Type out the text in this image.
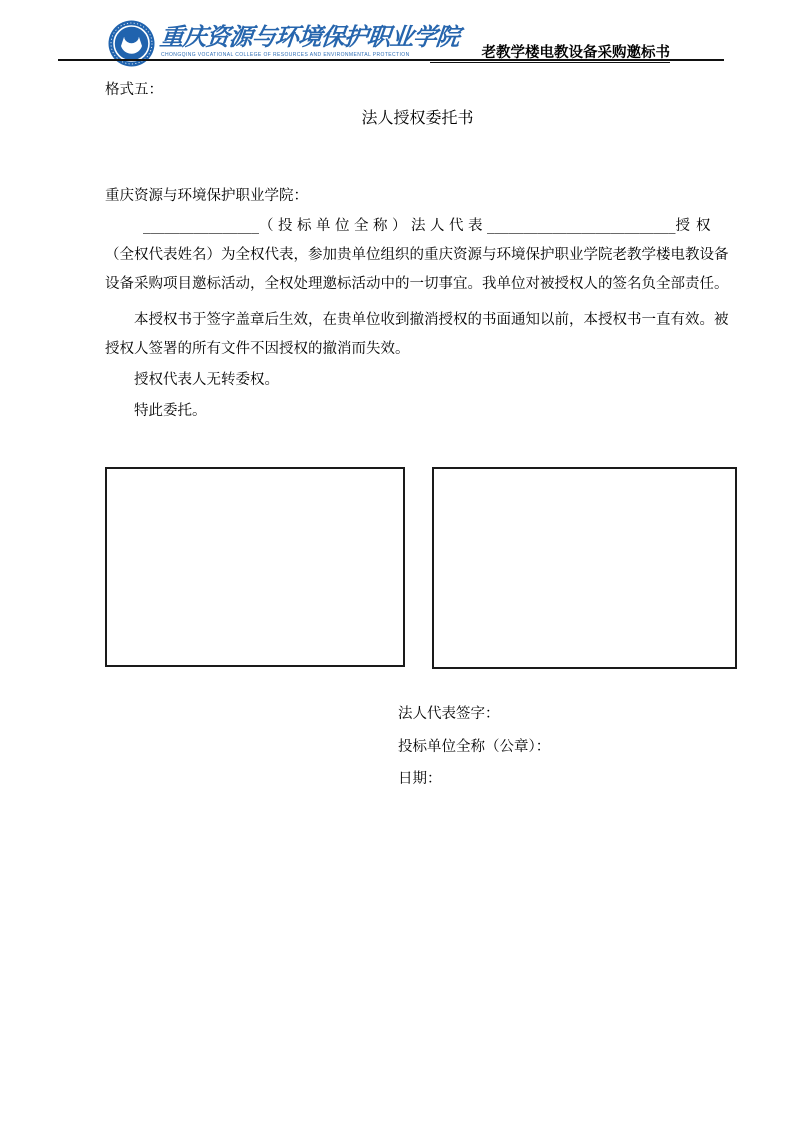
重庆资源与环境保护职业学院
CHONGQING VOCATIONAL COLLEGE OF RESOURCES AND ENVIRONMENTAL PROTECTION	老教学楼电教设备采购邀标书
格式五：
法人授权委托书
重庆资源与环境保护职业学院：
________________（投标单位全称）法人代表__________________________授权
（全权代表姓名）为全权代表，参加贵单位组织的重庆资源与环境保护职业学院老教学楼电教设备
设备采购项目邀标活动，全权处理邀标活动中的一切事宜。我单位对被授权人的签名负全部责任。
本授权书于签字盖章后生效，在贵单位收到撤消授权的书面通知以前，本授权书一直有效。被
授权人签署的所有文件不因授权的撤消而失效。
授权代表人无转委权。
特此委托。
法人代表签字：
投标单位全称（公章）：
日期：
